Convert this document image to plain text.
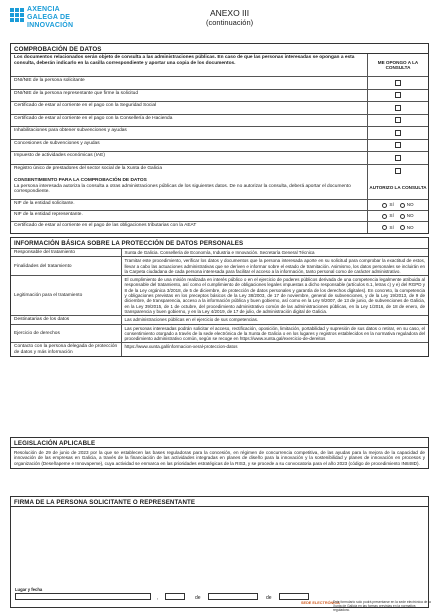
AXENCIA
GALEGA DE
INNOVACIÓN
ANEXO III
(continuación)
COMPROBACIÓN DE DATOS
Los documentos relacionados serán objeto de consulta a las administraciones públicas. En caso de que las personas interesadas se opongan a esta consulta, deberán indicarlo en la casilla correspondiente y aportar una copia de los documentos.	ME OPONGO A LA CONSULTA
DNI/NIE de la persona solicitante
DNI/NIE de la persona representante que firme la solicitud
Certificado de estar al corriente en el pago con la Seguridad Social
Certificado de estar al corriente en el pago con la Consellería de Hacienda
Inhabilitaciones para obtener subvenciones y ayudas
Concesiones de subvenciones y ayudas
Impuesto de actividades económicas (IAE)
Registro único de prestadores del sector social de la Xunta de Galicia
CONSENTIMIENTO PARA LA COMPROBACIÓN DE DATOS
La persona interesada autoriza la consulta a otras administraciones públicas de los siguientes datos. De no autorizar la consulta, deberá aportar el documento correspondiente.
AUTORIZO LA CONSULTA
NIF de la entidad solicitante.	SÍ	NO
NIF de la entidad representante.	SÍ	NO
Certificado de estar al corriente en el pago de las obligaciones tributarias con la AEAT	SÍ	NO
INFORMACIÓN BÁSICA SOBRE LA PROTECCIÓN DE DATOS PERSONALES
Responsable del tratamiento	Xunta de Galicia. Consellería de Economía, Industria e Innovación. Secretaría General Técnica
Finalidades del tratamiento	Tramitar este procedimiento, verificar los datos y documentos que la persona interesada aporte en su solicitud para comprobar la exactitud de estos, llevar a cabo las actuaciones administrativas que se deriven e informar sobre el estado de tramitación. Asimismo, los datos personales se incluirán en la Carpeta ciudadana de cada persona interesada para facilitar el acceso a la información, tanto personal como de carácter administrativo.
Legitimación para el tratamiento	El cumplimiento de una misión realizada en interés público o en el ejercicio de poderes públicos derivada de una competencia legalmente atribuida al responsable del tratamiento, así como el cumplimiento de obligaciones legales impuestas a dicho responsable (artículos 6.1, letras c) y e) del RGPD y 8 de la Ley orgánica 3/2018, de 5 de diciembre, de protección de datos personales y garantía de los derechos digitales). En concreto, la competencia y obligaciones previstas en los preceptos básicos de la Ley 38/2003, de 17 de noviembre, general de subvenciones, y de la Ley 19/2013, de 9 de diciembre, de transparencia, acceso a la información pública y buen gobierno, así como en la Ley 9/2007, de 13 de junio, de subvenciones de Galicia, en la Ley 39/2015, de 1 de octubre, del procedimiento administrativo común de las administraciones públicas, en la Ley 1/2016, de 18 de enero, de transparencia y buen gobierno, y en la Ley 4/2019, de 17 de julio, de administración digital de Galicia.
Destinatarias de los datos	Las administraciones públicas en el ejercicio de sus competencias.
Ejercicio de derechos	Las personas interesadas podrán solicitar el acceso, rectificación, oposición, limitación, portabilidad y supresión de sus datos o retirar, en su caso, el consentimiento otorgado a través de la sede electrónica de la Xunta de Galicia o en los lugares y registros establecidos en la normativa reguladora del procedimiento administrativo común, según se recoge en https://www.xunta.gal/exercicio-de-dereitos
Contacto con la persona delegada de protección de datos y más información	https://www.xunta.gal/informacion-xeral-proteccion-datos
LEGISLACIÓN APLICABLE
Resolución de 29 de junio de 2023 por la que se establecen las bases reguladoras para la concesión, en régimen de concurrencia competitiva, de las ayudas para la mejora de la capacidad de innovación de las empresas en Galicia, a través de la financiación de las actividades integradas en planes de diseño para la innovación y la sostenibilidad y planes de innovación en procesos y organización (Deseñapeme e Innovapeme), cuya actividad se enmarca en las prioridades estratégicas de la RIS3, y se procede a su convocatoria para el año 2023 (código de procedimiento IN848D).
FIRMA DE LA PERSONA SOLICITANTE O REPRESENTANTE
Lugar y fecha
,	de	de
SEDE ELECTRÓNICA
Este formulario solo podrá presentarse en la sede electrónica de la Xunta de Galicia en las formas previstas en la normativa reguladora.
